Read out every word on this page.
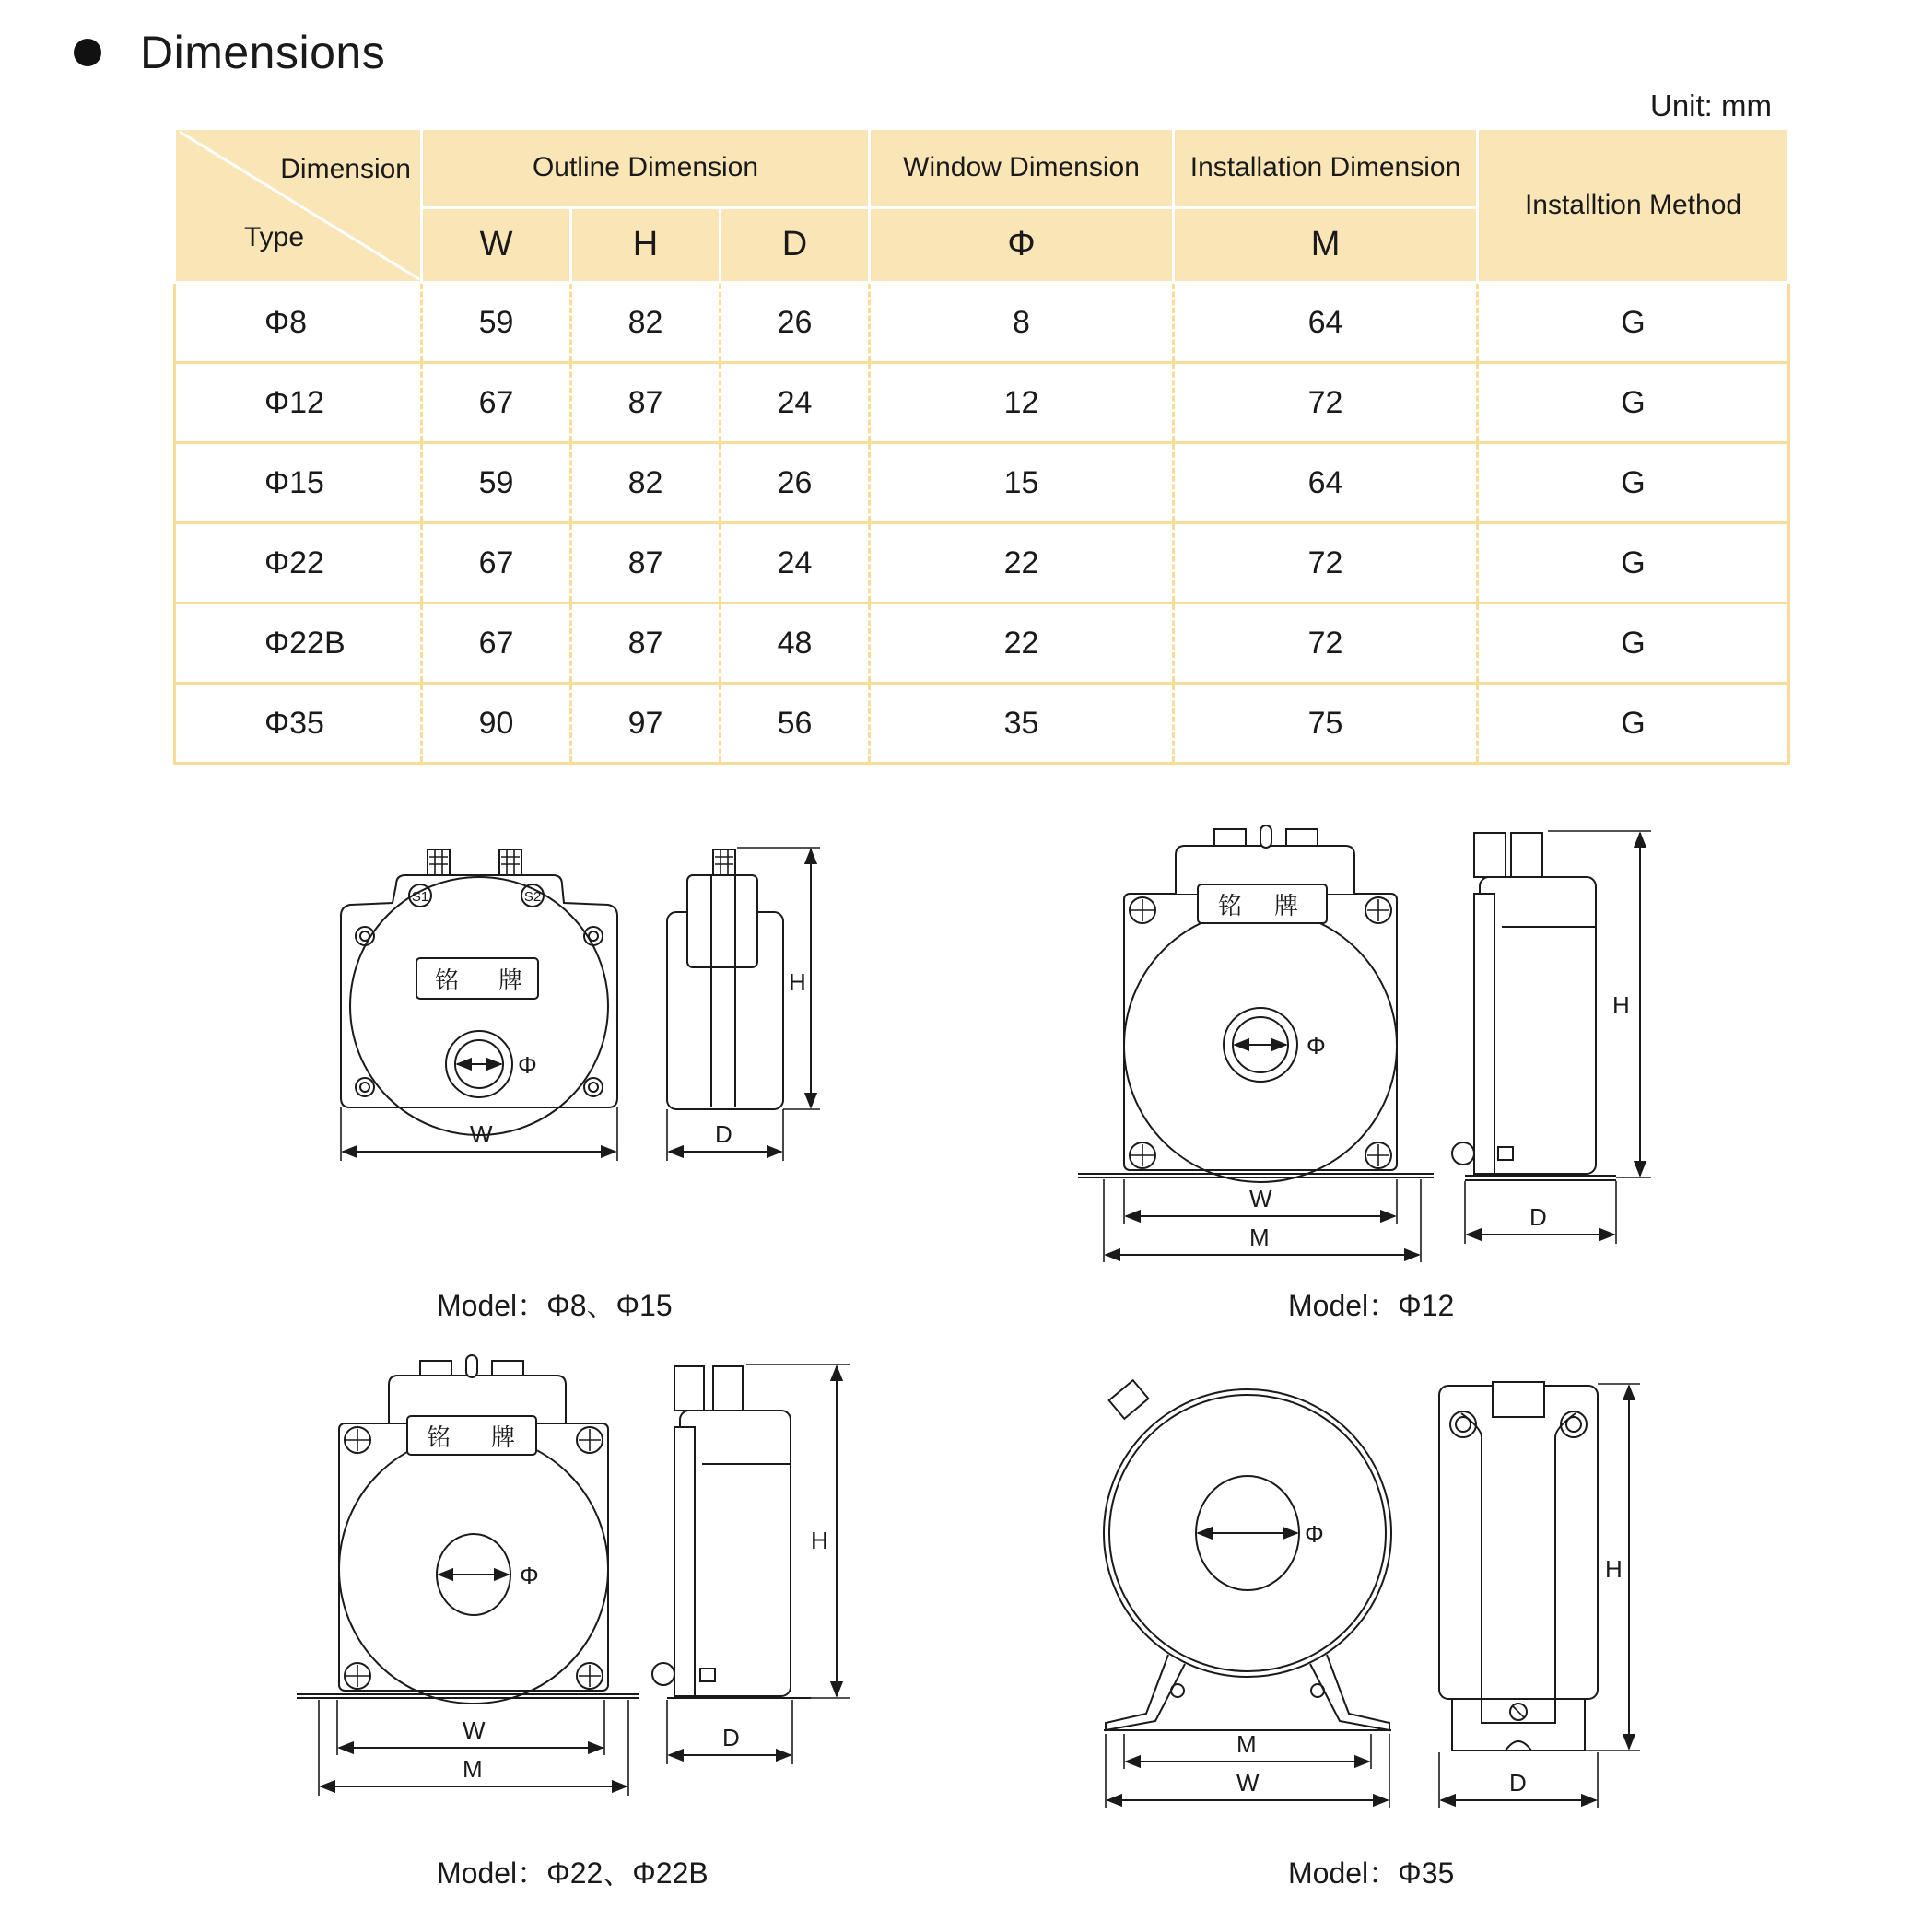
Dimensions
Unit: mm
Dimension
Type	Outline Dimension			Window Dimension	Installation Dimension	Installtion Method
	W	H	D	Φ	M	
Φ8	59	82	26	8	64	G
Φ12	67	87	24	12	72	G
Φ15	59	82	26	15	64	G
Φ22	67	87	24	22	72	G
Φ22B	67	87	48	22	72	G
Φ35	90	97	56	35	75	G
S1	S2
铭 牌
Φ
W
H
D
Model：Φ8、Φ15
铭 牌
Φ
W
M
H
D
Model：Φ12
铭 牌
Φ
W
M
H
D
Model：Φ22、Φ22B
Φ
M
W
H
D
Model：Φ35
